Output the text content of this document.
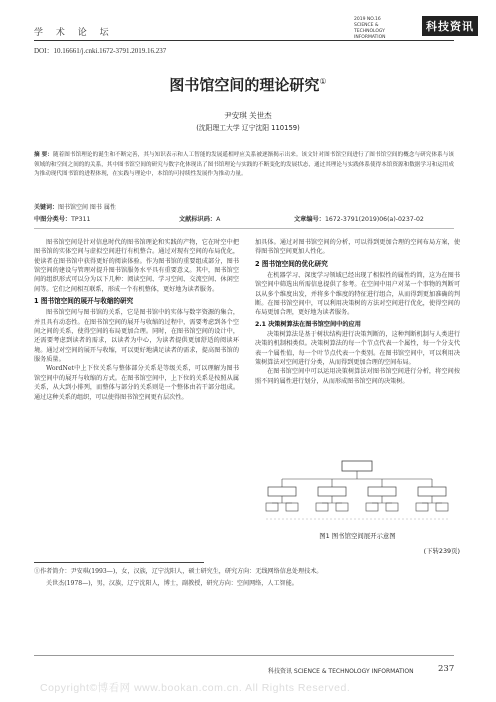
学 术 论 坛
2019 NO.16 SCIENCE & TECHNOLOGY INFORMATION
科技资讯
DOI：10.16661/j.cnki.1672-3791.2019.16.237
图书馆空间的理论研究①
尹安琪 关世杰
(沈阳理工大学 辽宁沈阳 110159)
摘 要：随着图书馆理论的诞生和不断完善，其与知识表示和人工智能的发展遥相呼应关系被逐渐揭示出来。该文针对图书馆空间进行了图书馆空间的概念与研究体系与该领域的和空间之间的的关系，其中图书馆空间的研究与数字化体现出了图书馆理论与实践的不断变化的发展状态，通过其理论与实践体系使得本馆资源和数据学习和运用成为推动现代图书馆的进程体现，在实践与理论中，本馆的可持续性发展作为推动力量。
关键词：图书馆空间 图书 属性
中图分类号：TP311	文献标识码：A	文章编号：1672-3791(2019)06(a)-0237-02

图书馆空间是针对信息时代的图书馆理论和实践的产物，它在时空中把图书馆的实体空间与虚拟空间进行有机整合。通过对现有空间的布局优化，使读者在图书馆中获得更好的阅读体验。作为图书馆的重要组成部分，图书馆空间的建设与管理对提升图书馆服务水平具有重要意义。其中，图书馆空间的组织形式可以分为以下几种：阅读空间、学习空间、交流空间、休闲空间等。它们之间相互联系，形成一个有机整体，更好地为读者服务。

1 图书馆空间的展开与收缩的研究

图书馆空间与图书馆的关系，它是图书馆中的实体与数字资源的集合，并且具有动态性。在图书馆空间的展开与收缩的过程中，需要考虑到各个空间之间的关系，使得空间的布局更加合理。同时，在图书馆空间的设计中，还需要考虑到读者的需求，以读者为中心，为读者提供更加舒适的阅读环境。通过对空间的展开与收缩，可以更好地满足读者的需求，提高图书馆的服务质量。

WordNet中上下位关系与整体部分关系是等级关系，可以理解为图书馆空间中的展开与收缩的方式。在图书馆空间中，上下位的关系是按照从属关系，从大到小排列，而整体与部分的关系则是一个整体由若干部分组成。通过这种关系的组织，可以使得图书馆空间更有层次性。

加具体。通过对图书馆空间的分析，可以得到更加合理的空间布局方案，使得图书馆空间更加人性化。

2 图书馆空间的优化研究

在机器学习、深度学习领域已经出现了相似性的属性约简，这为在图书馆空间中筛选出所需信息提供了参考。在空间中用户对某一个事物的判断可以从多个维度出发，并将多个维度的特征进行组合，从而得到更加准确的判断。在图书馆空间中，可以利用决策树的方法对空间进行优化，使得空间的布局更加合理，更好地为读者服务。

2.1 决策树算法在图书馆空间中的应用

决策树算法是基于树状结构进行决策判断的，这种判断机制与人类进行决策的机制相类似。决策树算法的每一个节点代表一个属性，每一个分支代表一个属性值，每一个叶节点代表一个类别。在图书馆空间中，可以利用决策树算法对空间进行分类，从而得到更加合理的空间布局。

在图书馆空间中可以运用决策树算法对图书馆空间进行分析，将空间按照不同的属性进行划分，从而形成图书馆空间的决策树。

图1 图书馆空间展开示意图
(下转239页)
①作者简介：尹安琪(1993—)，女，汉族，辽宁沈阳人，硕士研究生，研究方向：无线网络信息处理技术。
关世杰(1978—)，男，汉族，辽宁沈阳人，博士，副教授，研究方向：空间网络，人工智能。
科技资讯 SCIENCE & TECHNOLOGY INFORMATION	237
Copyright©博看网 www.bookan.com.cn. All Rights Reserved.
